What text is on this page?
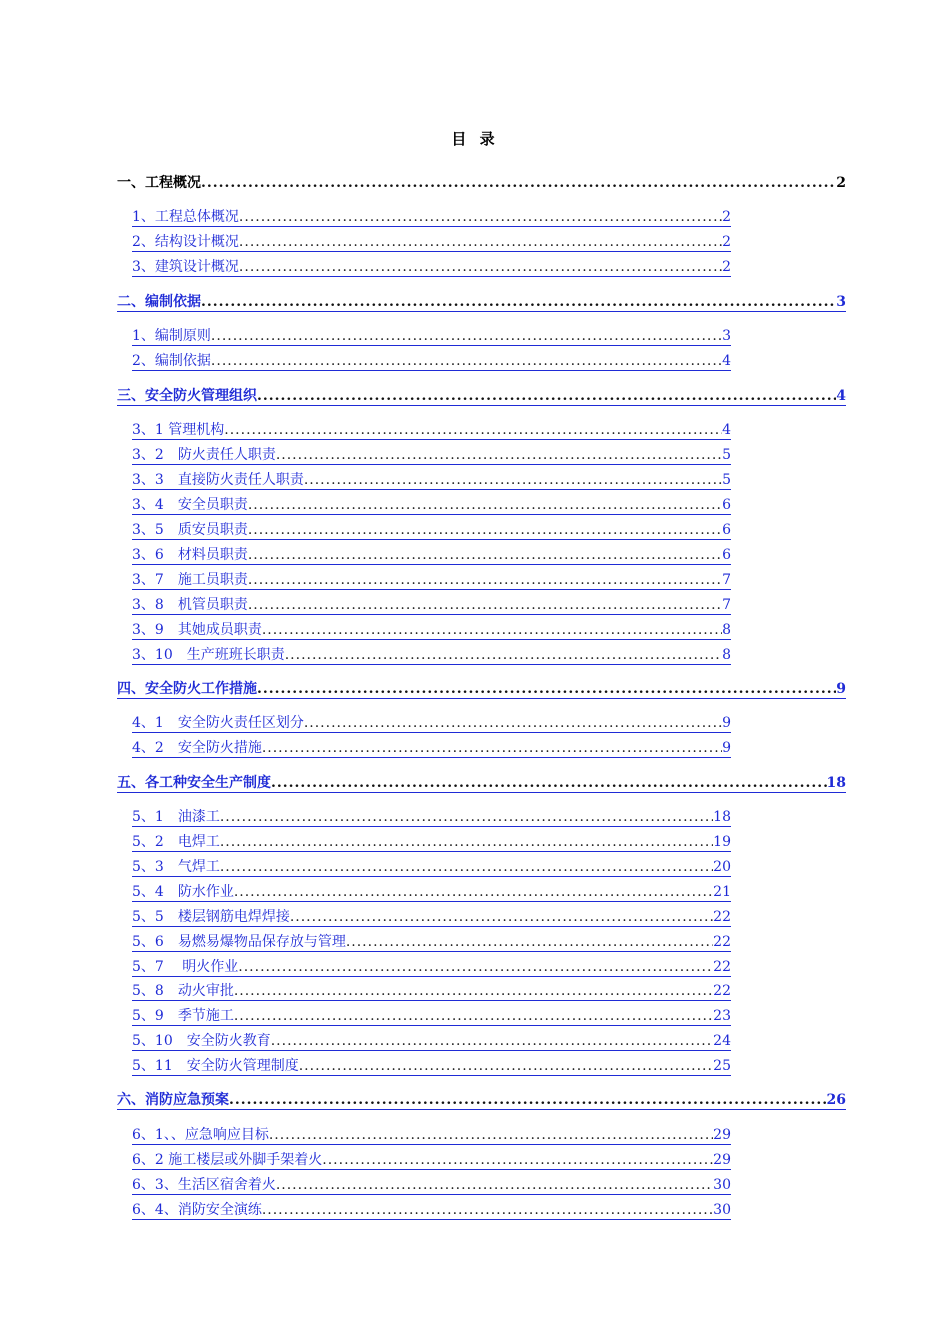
目 录
一、工程概况 .....	2
1、工程总体概况 .....	2
2、结构设计概况 .....	2
3、建筑设计概况 .....	2
二、编制依据 .....	3
1、编制原则 .....	3
2、编制依据 .....	4
三、安全防火管理组织 .....	4
3、1 管理机构 .....	4
3、2　防火责任人职责 .....	5
3、3　直接防火责任人职责 .....	5
3、4　安全员职责 .....	6
3、5　质安员职责 .....	6
3、6　材料员职责 .....	6
3、7　施工员职责 .....	7
3、8　机管员职责 .....	7
3、9　其她成员职责 .....	8
3、10　生产班班长职责 .....	8
四、安全防火工作措施 .....	9
4、1　安全防火责任区划分 .....	9
4、2　安全防火措施 .....	9
五、各工种安全生产制度 .....	18
5、1　油漆工 .....	18
5、2　电焊工 .....	19
5、3　气焊工 .....	20
5、4　防水作业 .....	21
5、5　楼层钢筋电焊焊接 .....	22
5、6　易燃易爆物品保存放与管理 .....	22
5、7　 明火作业 .....	22
5、8　动火审批 .....	22
5、9　季节施工 .....	23
5、10　安全防火教育 .....	24
5、11　安全防火管理制度 .....	25
六、消防应急预案 .....	26
6、1、、应急响应目标 .....	29
6、2 施工楼层或外脚手架着火 .....	29
6、3、生活区宿舍着火 .....	30
6、4、消防安全演练 .....	30
